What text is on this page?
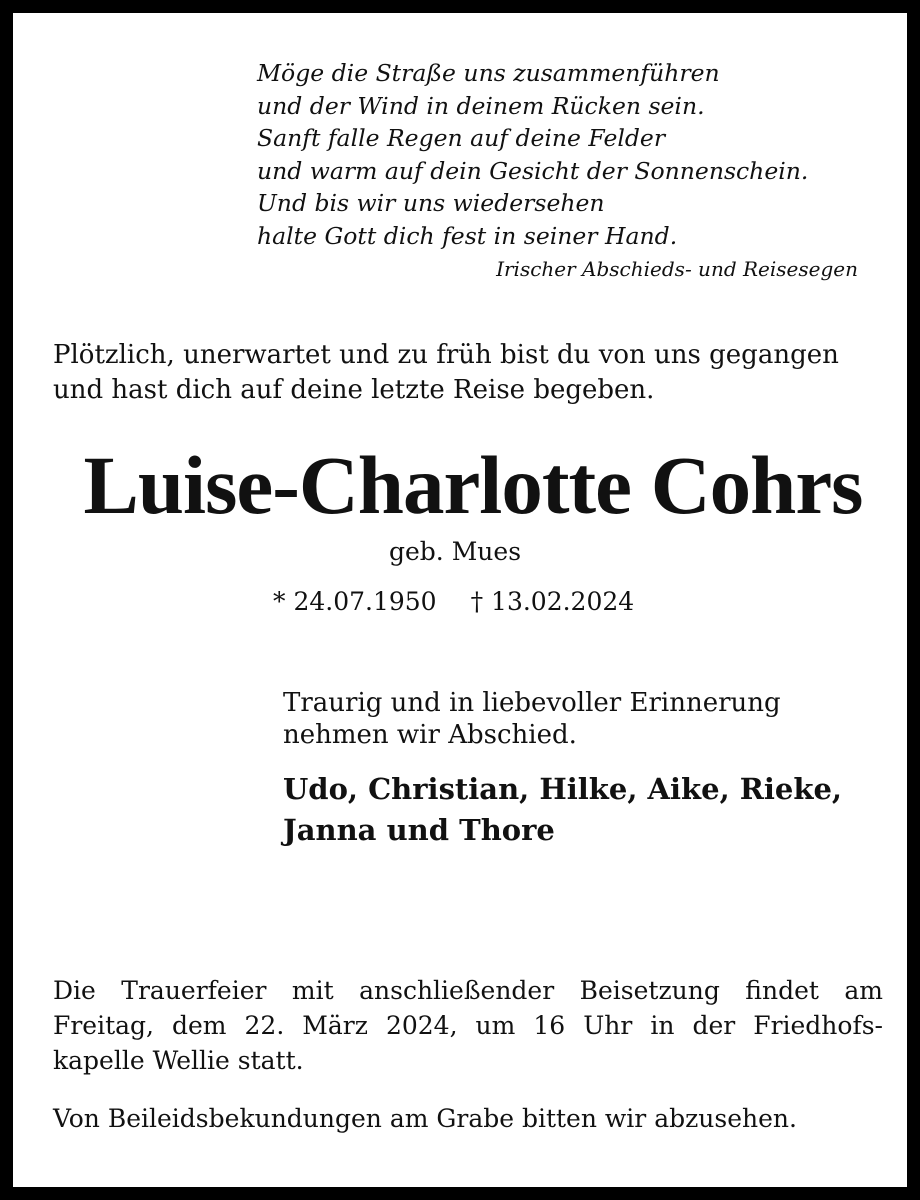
Möge die Straße uns zusammenführen
und der Wind in deinem Rücken sein.
Sanft falle Regen auf deine Felder
und warm auf dein Gesicht der Sonnenschein.
Und bis wir uns wiedersehen
halte Gott dich fest in seiner Hand.
Irischer Abschieds- und Reisesegen
Plötzlich, unerwartet und zu früh bist du von uns gegangen
und hast dich auf deine letzte Reise begeben.
Luise-Charlotte Cohrs
geb. Mues
* 24.07.1950 † 13.02.2024
Traurig und in liebevoller Erinnerung
nehmen wir Abschied.
Udo, Christian, Hilke, Aike, Rieke,
Janna und Thore
Die Trauerfeier mit anschließender Beisetzung findet am
Freitag, dem 22. März 2024, um 16 Uhr in der Friedhofs-
kapelle Wellie statt.
Von Beileidsbekundungen am Grabe bitten wir abzusehen.
